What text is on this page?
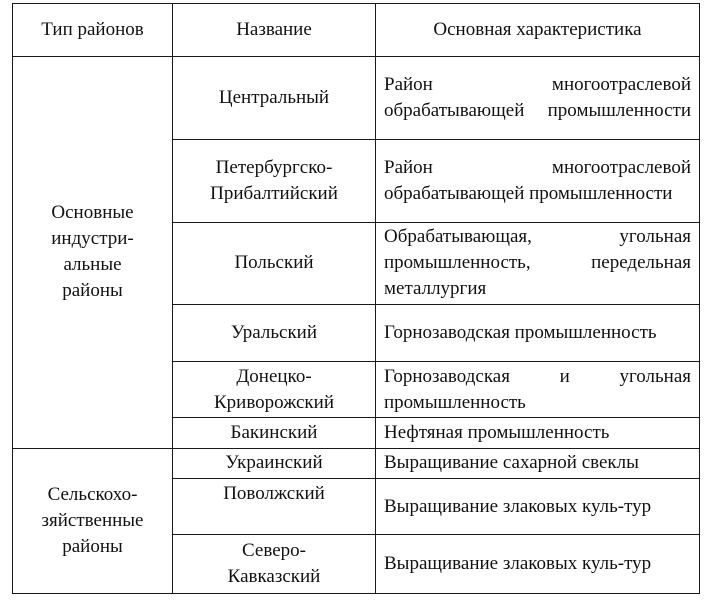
Тип районов	Название	Основная характеристика

Основные
индустри-
альные
районы	Центральный	Район многоотраслевой обрабатывающей промышленности

	Петербургско-
Прибалтийский	Район многоотраслевой обрабатывающей промышленности

	Польский	Обрабатывающая, угольная промышленность, передельная металлургия

	Уральский	Горнозаводская промышленность

	Донецко-
Криворожский	Горнозаводская и угольная промышленность

	Бакинский	Нефтяная промышленность

Сельскохо-
зяйственные
районы	Украинский	Выращивание сахарной свеклы

	Поволжский	Выращивание злаковых куль-тур

	Северо-
Кавказский	Выращивание злаковых куль-тур
